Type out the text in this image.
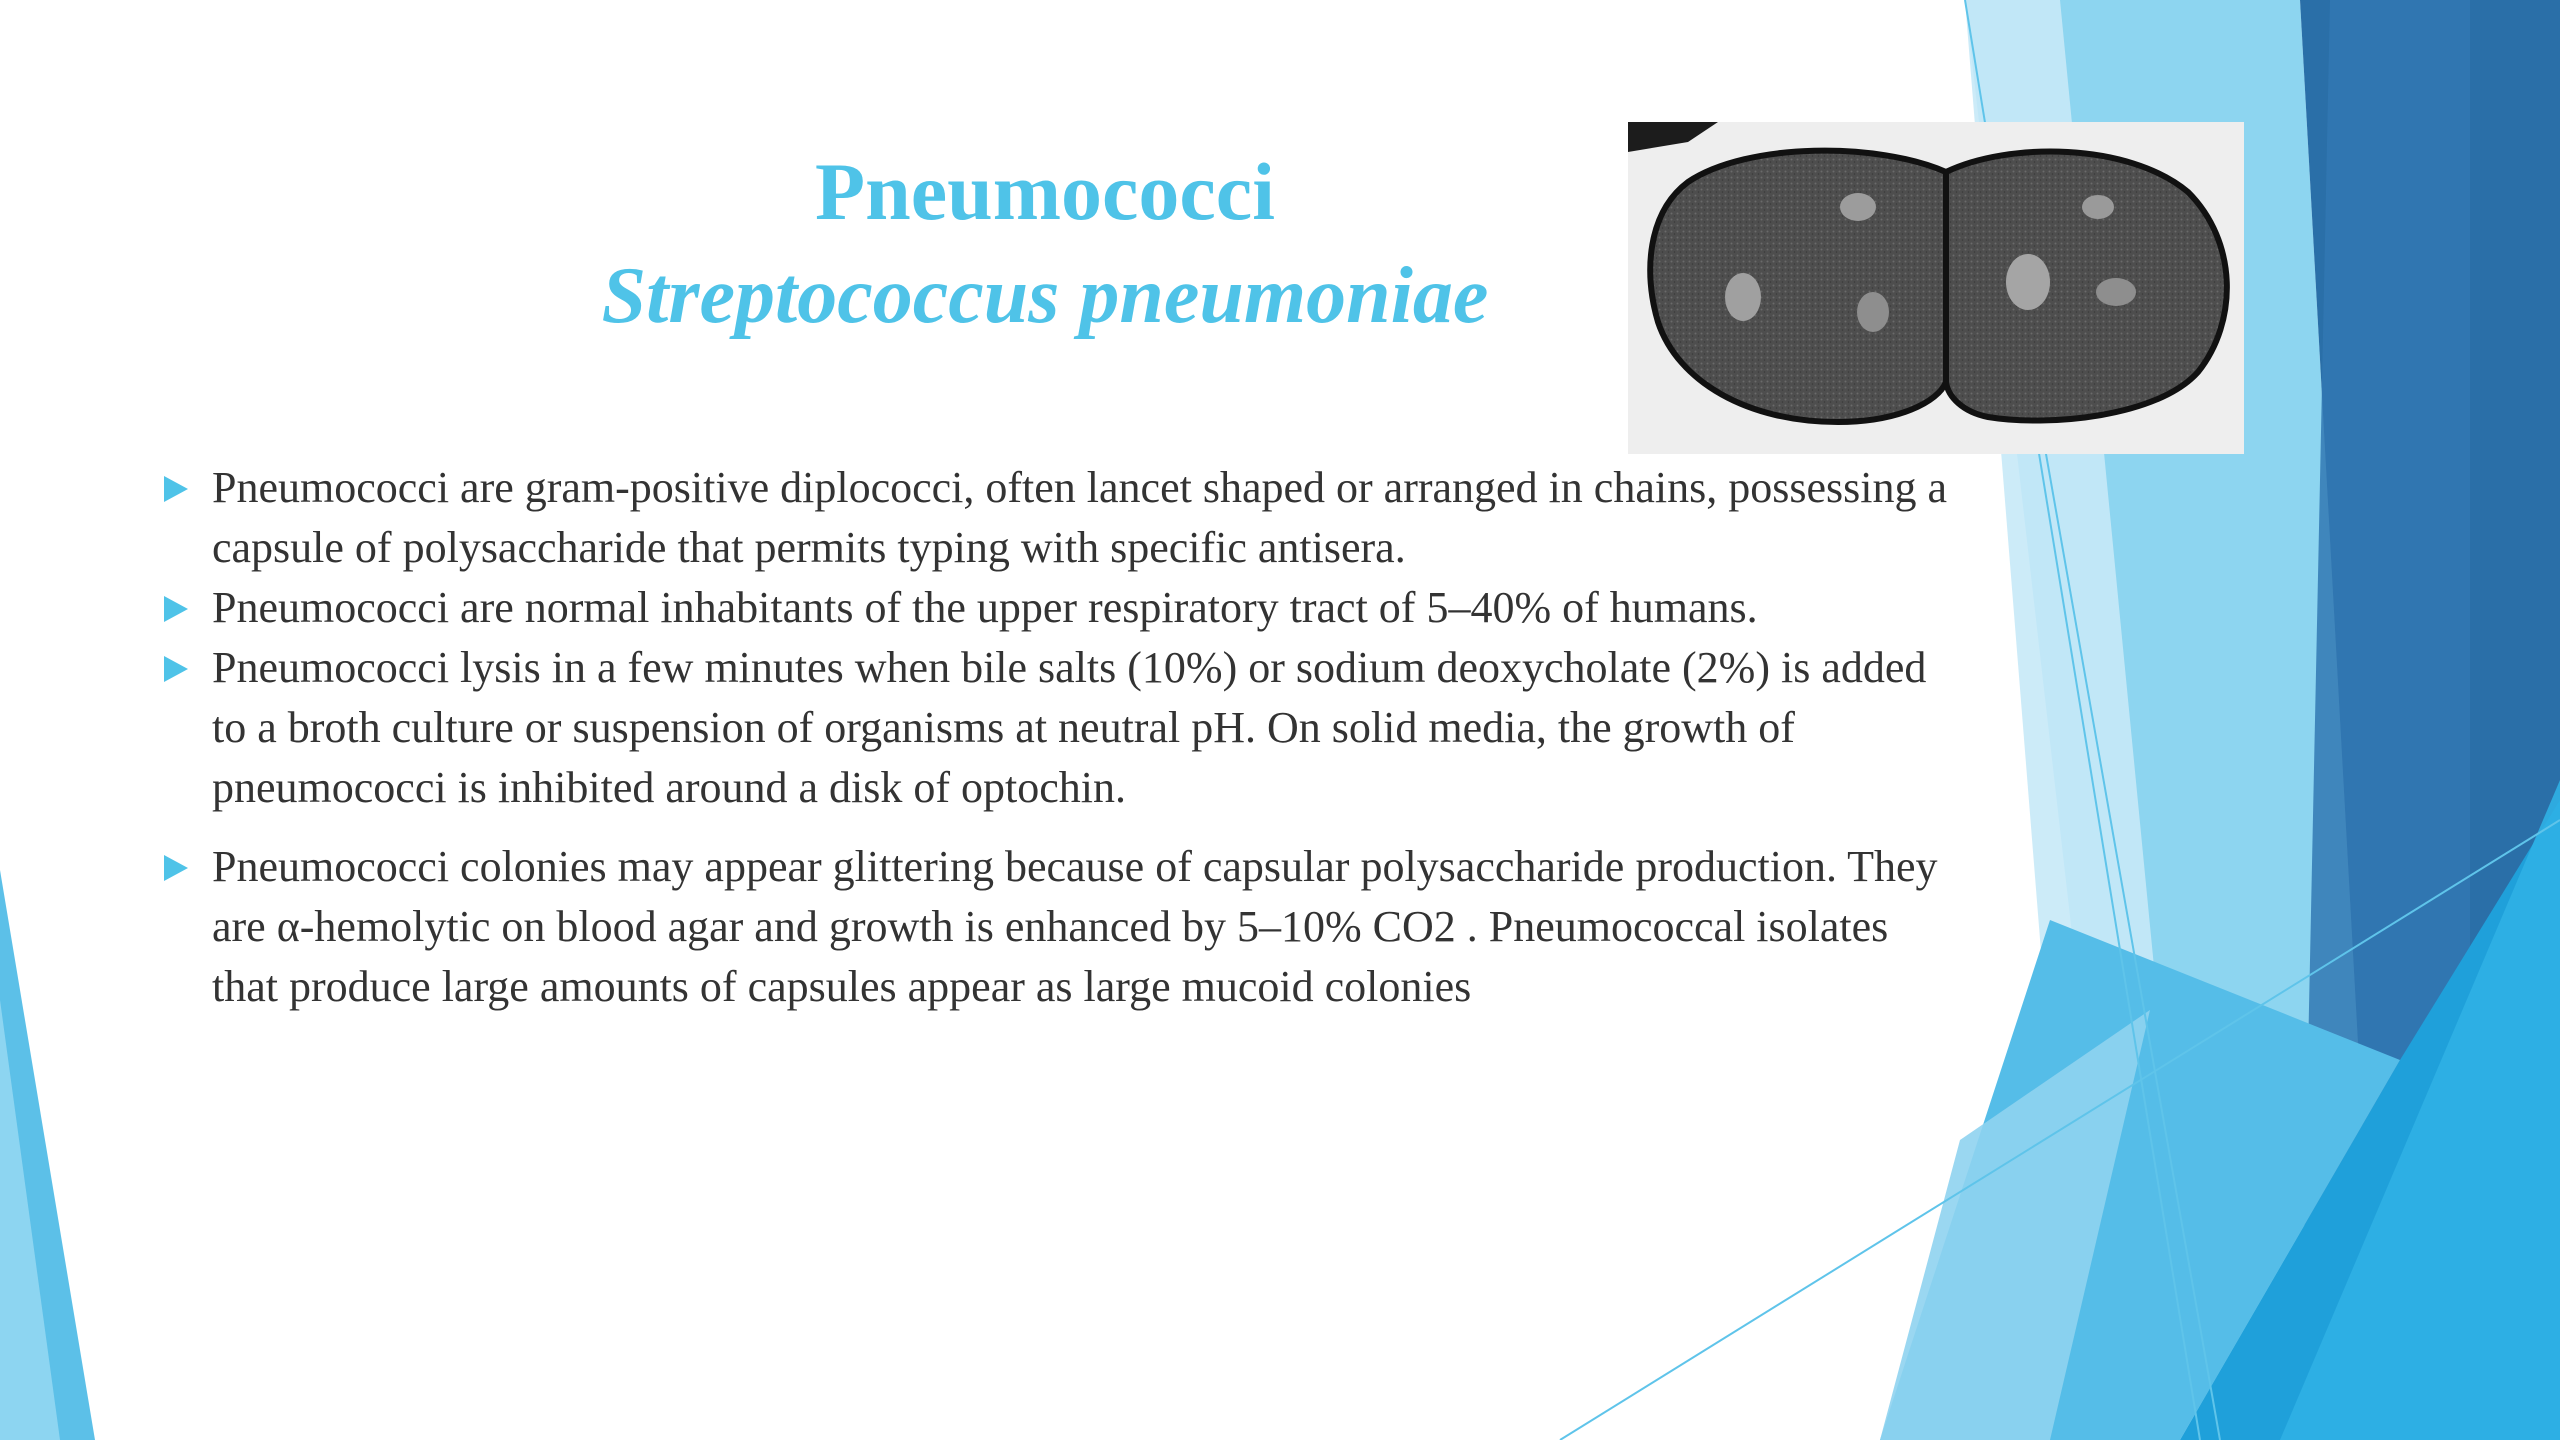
Pneumococci
Streptococcus pneumoniae
Pneumococci are gram-positive diplococci, often lancet shaped or arranged in chains, possessing a capsule of polysaccharide that permits typing with specific antisera.
Pneumococci are normal inhabitants of the upper respiratory tract of 5–40% of humans.
Pneumococci lysis in a few minutes when bile salts (10%) or sodium deoxycholate (2%) is added to a broth culture or suspension of organisms at neutral pH. On solid media, the growth of pneumococci is inhibited around a disk of optochin.
Pneumococci colonies may appear glittering because of capsular polysaccharide production. They are α-hemolytic on blood agar and growth is enhanced by 5–10% CO2 . Pneumococcal isolates that produce large amounts of capsules appear as large mucoid colonies
